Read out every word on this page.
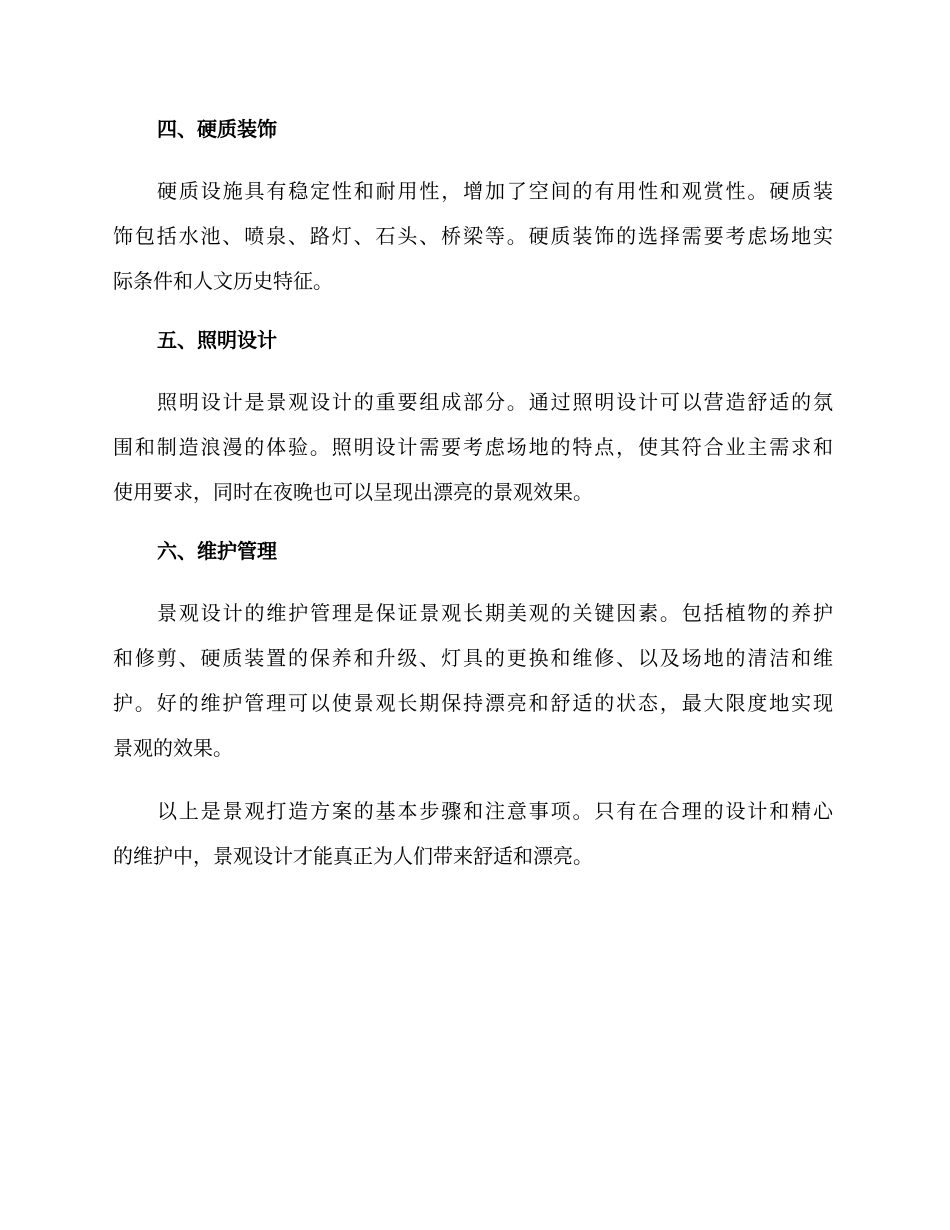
四、硬质装饰

硬质设施具有稳定性和耐用性，增加了空间的有用性和观赏性。硬质装
饰包括水池、喷泉、路灯、石头、桥梁等。硬质装饰的选择需要考虑场地实
际条件和人文历史特征。

五、照明设计

照明设计是景观设计的重要组成部分。通过照明设计可以营造舒适的氛
围和制造浪漫的体验。照明设计需要考虑场地的特点，使其符合业主需求和
使用要求，同时在夜晚也可以呈现出漂亮的景观效果。

六、维护管理

景观设计的维护管理是保证景观长期美观的关键因素。包括植物的养护
和修剪、硬质装置的保养和升级、灯具的更换和维修、以及场地的清洁和维
护。好的维护管理可以使景观长期保持漂亮和舒适的状态，最大限度地实现
景观的效果。

以上是景观打造方案的基本步骤和注意事项。只有在合理的设计和精心
的维护中，景观设计才能真正为人们带来舒适和漂亮。
